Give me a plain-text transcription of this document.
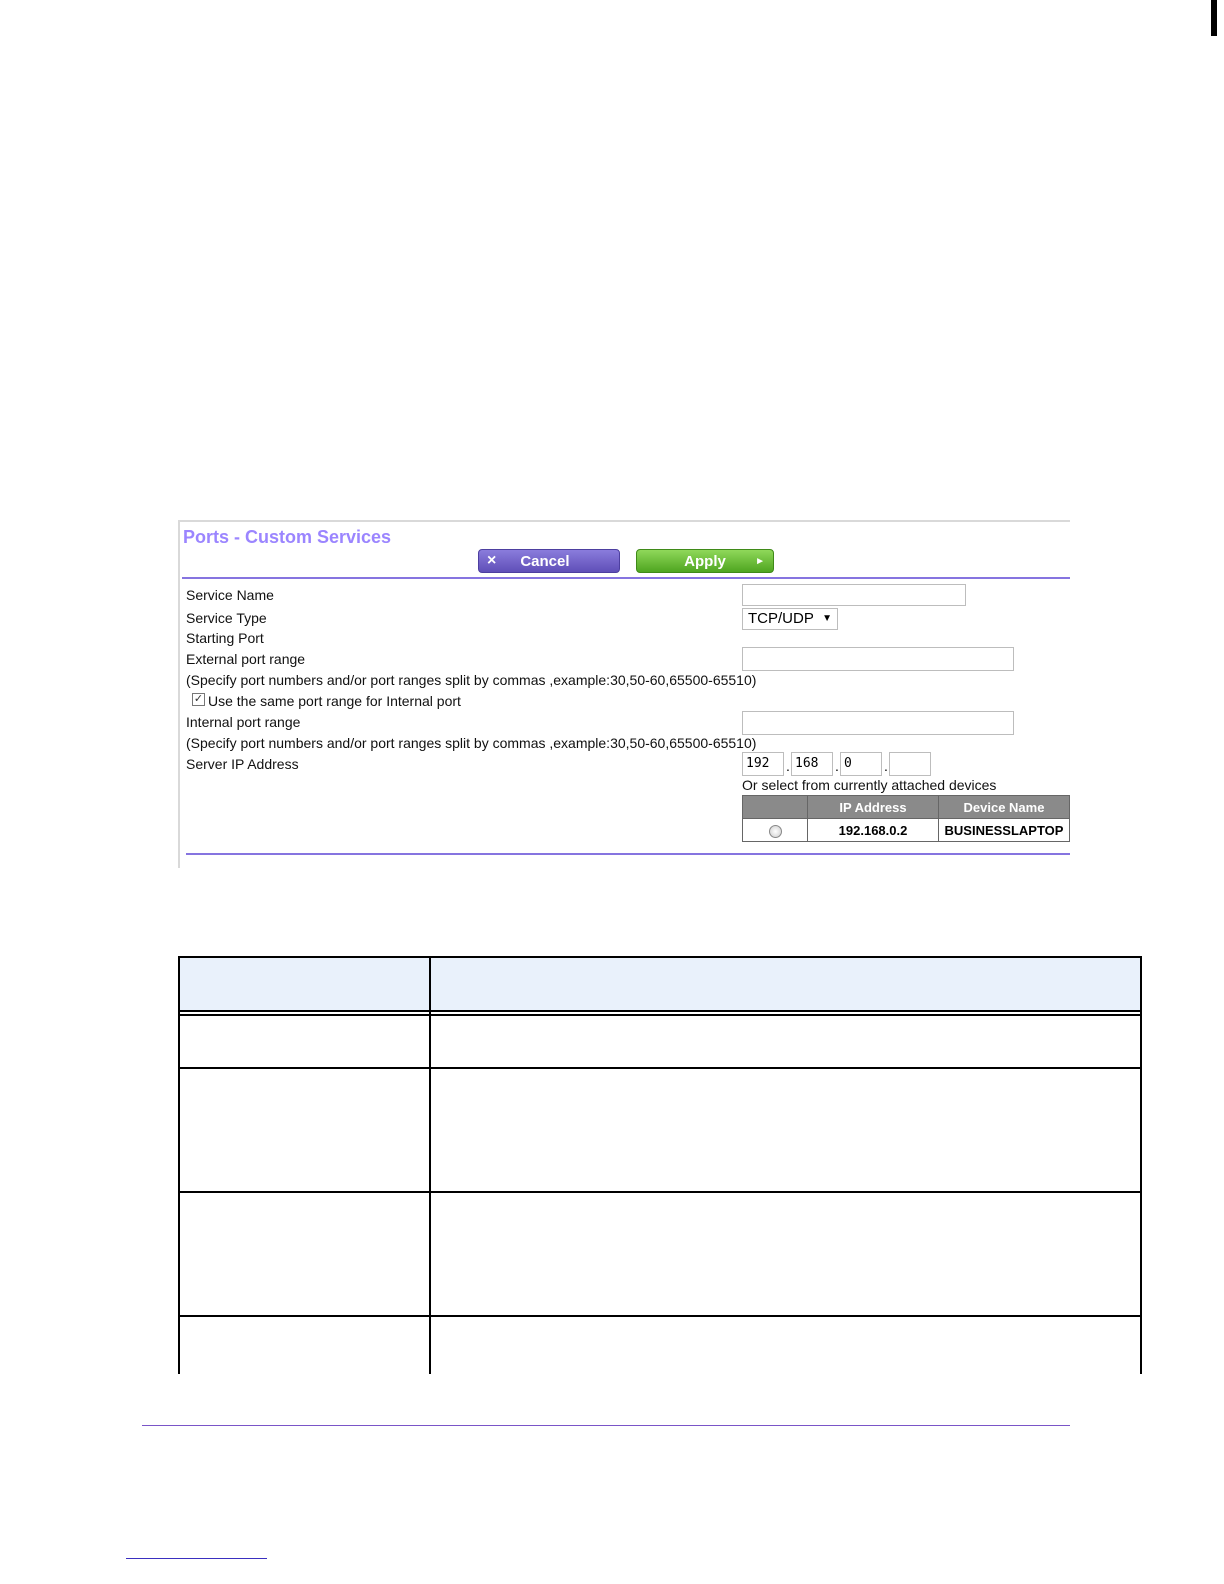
Ports - Custom Services
× Cancel	Apply	►
Service Name
Service Type	TCP/UDP ▼
Starting Port
External port range
(Specify port numbers and/or port ranges split by commas ,example:30,50-60,65500-65510)
✓ Use the same port range for Internal port
Internal port range
(Specify port numbers and/or port ranges split by commas ,example:30,50-60,65500-65510)
Server IP Address	192	. 168	. 0	.
Or select from currently attached devices
	IP Address	Device Name
	192.168.0.2	BUSINESSLAPTOP
